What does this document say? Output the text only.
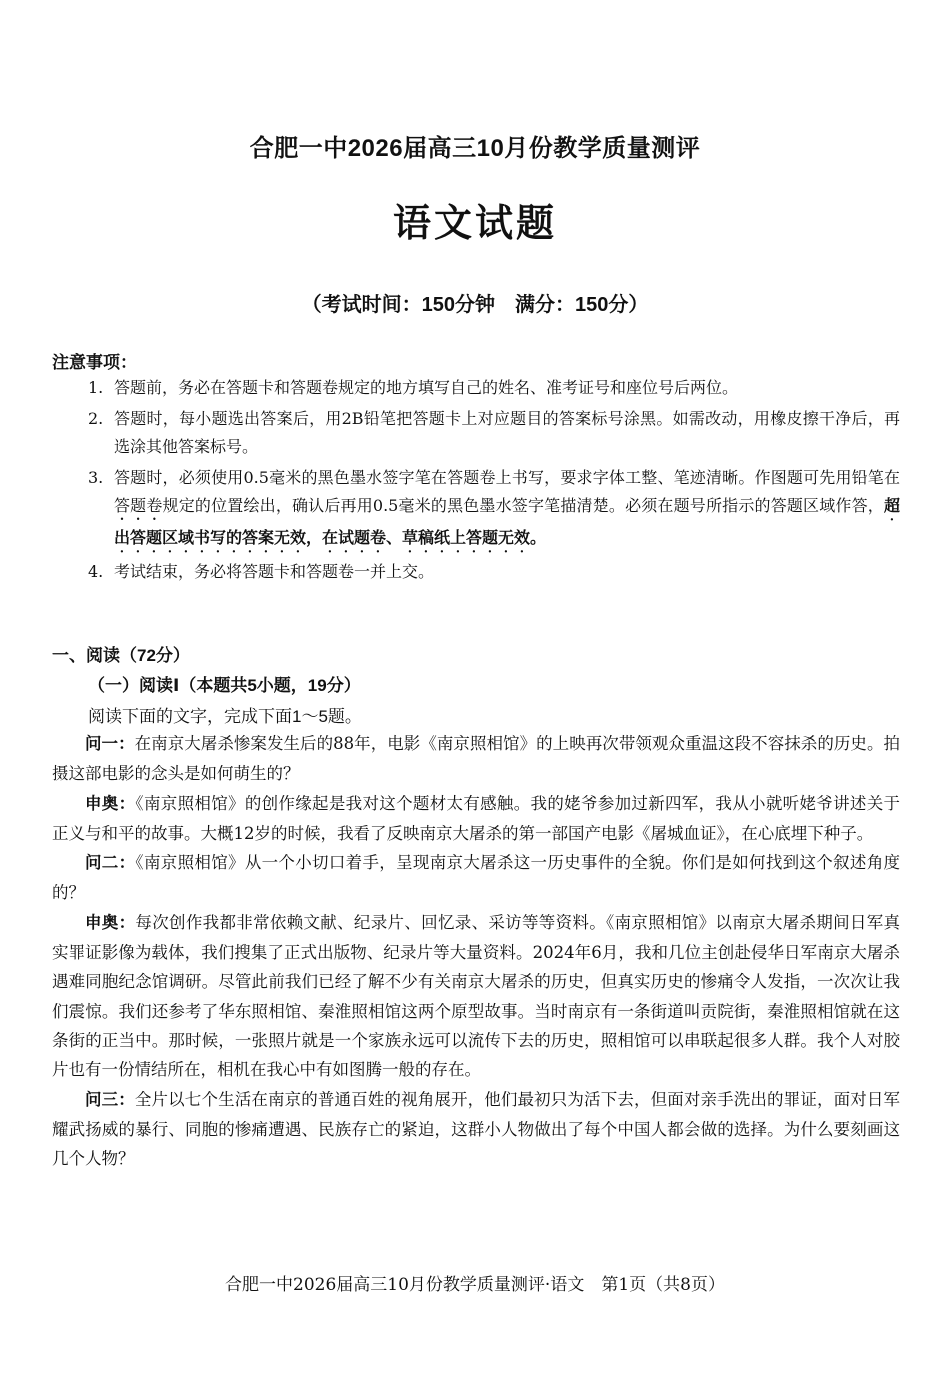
合肥一中2026届高三10月份教学质量测评
语文试题
（考试时间：150分钟　满分：150分）
注意事项：
1. 答题前，务必在答题卡和答题卷规定的地方填写自己的姓名、准考证号和座位号后两位。
2. 答题时，每小题选出答案后，用2B铅笔把答题卡上对应题目的答案标号涂黑。如需改动，用橡皮擦干净后，再选涂其他答案标号。
3. 答题时，必须使用0.5毫米的黑色墨水签字笔在答题卷上书写，要求字体工整、笔迹清晰。作图题可先用铅笔在答题卷规定的位置绘出，确认后再用0.5毫米的黑色墨水签字笔描清楚。必须在题号所指示的答题区域作答，超出答题区域书写的答案无效，在试题卷、草稿纸上答题无效。
4. 考试结束，务必将答题卡和答题卷一并上交。
一、阅读（72分）
（一）阅读Ⅰ（本题共5小题，19分）
阅读下面的文字，完成下面1～5题。

问一：在南京大屠杀惨案发生后的88年，电影《南京照相馆》的上映再次带领观众重温这段不容抹杀的历史。拍摄这部电影的念头是如何萌生的？

申奥：《南京照相馆》的创作缘起是我对这个题材太有感触。我的姥爷参加过新四军，我从小就听姥爷讲述关于正义与和平的故事。大概12岁的时候，我看了反映南京大屠杀的第一部国产电影《屠城血证》，在心底埋下种子。

问二：《南京照相馆》从一个小切口着手，呈现南京大屠杀这一历史事件的全貌。你们是如何找到这个叙述角度的？

申奥：每次创作我都非常依赖文献、纪录片、回忆录、采访等等资料。《南京照相馆》以南京大屠杀期间日军真实罪证影像为载体，我们搜集了正式出版物、纪录片等大量资料。2024年6月，我和几位主创赴侵华日军南京大屠杀遇难同胞纪念馆调研。尽管此前我们已经了解不少有关南京大屠杀的历史，但真实历史的惨痛令人发指，一次次让我们震惊。我们还参考了华东照相馆、秦淮照相馆这两个原型故事。当时南京有一条街道叫贡院街，秦淮照相馆就在这条街的正当中。那时候，一张照片就是一个家族永远可以流传下去的历史，照相馆可以串联起很多人群。我个人对胶片也有一份情结所在，相机在我心中有如图腾一般的存在。

问三：全片以七个生活在南京的普通百姓的视角展开，他们最初只为活下去，但面对亲手洗出的罪证，面对日军耀武扬威的暴行、同胞的惨痛遭遇、民族存亡的紧迫，这群小人物做出了每个中国人都会做的选择。为什么要刻画这几个人物？

合肥一中2026届高三10月份教学质量测评·语文　第1页（共8页）
